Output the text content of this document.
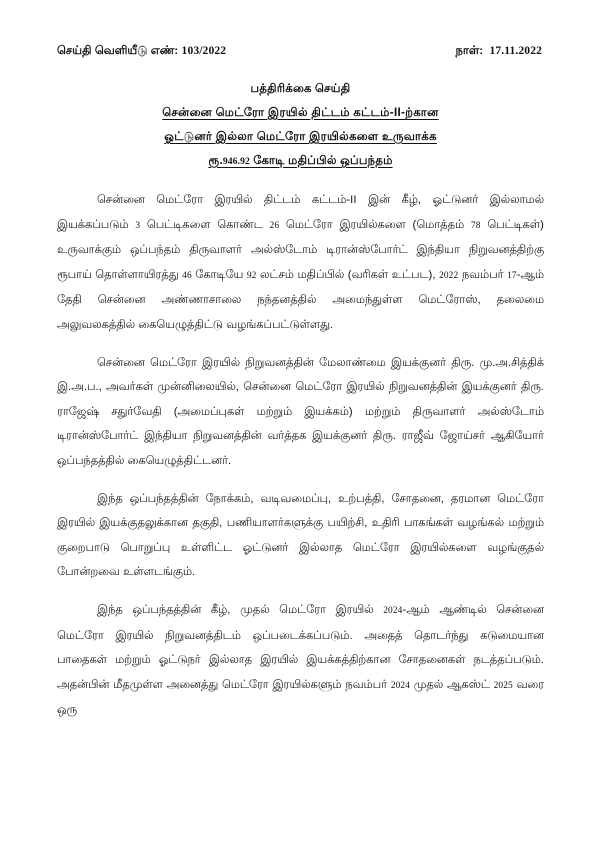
செய்தி வெளியீடு எண்: 103/2022	நாள்: 17.11.2022
பத்திரிக்கை செய்தி
சென்னை மெட்ரோ இரயில் திட்டம் கட்டம்-II-ற்கான
ஓட்டுனர் இல்லா மெட்ரோ இரயில்களை உருவாக்க
ரூ.946.92 கோடி மதிப்பில் ஒப்பந்தம்

சென்னை மெட்ரோ இரயில் திட்டம் கட்டம்-II இன் கீழ், ஓட்டுனர் இல்லாமல் இயக்கப்படும் 3 பெட்டிகளை கொண்ட 26 மெட்ரோ இரயில்களை (மொத்தம் 78 பெட்டிகள்) உருவாக்கும் ஒப்பந்தம் திருவாளர் அல்ஸ்டோம் டிரான்ஸ்போர்ட் இந்தியா நிறுவனத்திற்கு ரூபாய் தொள்ளாயிரத்து 46 கோடியே 92 லட்சம் மதிப்பில் (வரிகள் உட்பட), 2022 நவம்பர் 17-ஆம் தேதி சென்னை அண்ணாசாலை நந்தனத்தில் அமைந்துள்ள மெட்ரோஸ், தலைமை அலுவலகத்தில் கையெழுத்திட்டு வழங்கப்பட்டுள்ளது.

சென்னை மெட்ரோ இரயில் நிறுவனத்தின் மேலாண்மை இயக்குனர் திரு. மு.அ.சித்திக் இ.அ.ப., அவர்கள் முன்னிலையில், சென்னை மெட்ரோ இரயில் நிறுவனத்தின் இயக்குனர் திரு. ராஜேஷ் சதுர்வேதி (அமைப்புகள் மற்றும் இயக்கம்) மற்றும் திருவாளர் அல்ஸ்டோம் டிரான்ஸ்போர்ட் இந்தியா நிறுவனத்தின் வர்த்தக இயக்குனர் திரு. ராஜீவ் ஜோய்சர் ஆகியோர் ஒப்பந்தத்தில் கையெழுத்திட்டனர்.

இந்த ஒப்பந்தத்தின் நோக்கம், வடிவமைப்பு, உற்பத்தி, சோதனை, தரமான மெட்ரோ இரயில் இயக்குதலுக்கான தகுதி, பணியாளர்களுக்கு பயிற்சி, உதிரி பாகங்கள் வழங்கல் மற்றும் குறைபாடு பொறுப்பு உள்ளிட்ட ஓட்டுனர் இல்லாத மெட்ரோ இரயில்களை வழங்குதல் போன்றவை உள்ளடங்கும்.

இந்த ஒப்பந்தத்தின் கீழ், முதல் மெட்ரோ இரயில் 2024-ஆம் ஆண்டில் சென்னை மெட்ரோ இரயில் நிறுவனத்திடம் ஒப்படைக்கப்படும். அதைத் தொடர்ந்து கடுமையான பாதைகள் மற்றும் ஓட்டுநர் இல்லாத இரயில் இயக்கத்திற்கான சோதனைகள் நடத்தப்படும். அதன்பின் மீதமுள்ள அனைத்து மெட்ரோ இரயில்களும் நவம்பர் 2024 முதல் ஆகஸ்ட் 2025 வரை ஒரு
